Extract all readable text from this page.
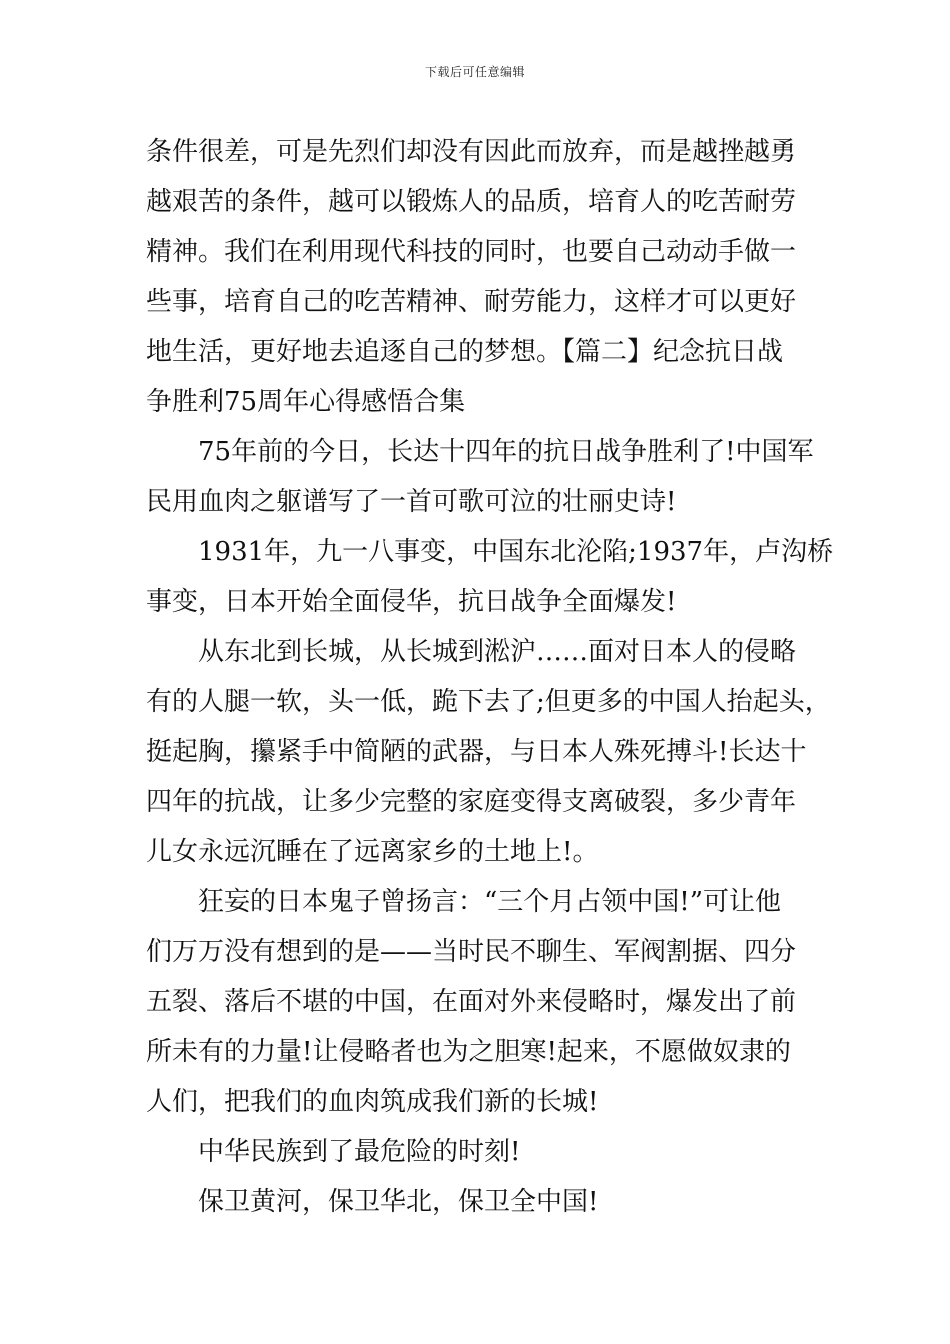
下载后可任意编辑
条件很差，可是先烈们却没有因此而放弃，而是越挫越勇
越艰苦的条件，越可以锻炼人的品质，培育人的吃苦耐劳
精神。我们在利用现代科技的同时，也要自己动动手做一
些事，培育自己的吃苦精神、耐劳能力，这样才可以更好
地生活，更好地去追逐自己的梦想。【篇二】纪念抗日战
争胜利75周年心得感悟合集
75年前的今日，长达十四年的抗日战争胜利了!中国军
民用血肉之躯谱写了一首可歌可泣的壮丽史诗!
1931年，九一八事变，中国东北沦陷;1937年，卢沟桥
事变，日本开始全面侵华，抗日战争全面爆发!
从东北到长城，从长城到淞沪……面对日本人的侵略
有的人腿一软，头一低，跪下去了;但更多的中国人抬起头，
挺起胸，攥紧手中简陋的武器，与日本人殊死搏斗!长达十
四年的抗战，让多少完整的家庭变得支离破裂，多少青年
儿女永远沉睡在了远离家乡的土地上!。
狂妄的日本鬼子曾扬言：“三个月占领中国!”可让他
们万万没有想到的是——当时民不聊生、军阀割据、四分
五裂、落后不堪的中国，在面对外来侵略时，爆发出了前
所未有的力量!让侵略者也为之胆寒!起来，不愿做奴隶的
人们，把我们的血肉筑成我们新的长城!
中华民族到了最危险的时刻!
保卫黄河，保卫华北，保卫全中国!
